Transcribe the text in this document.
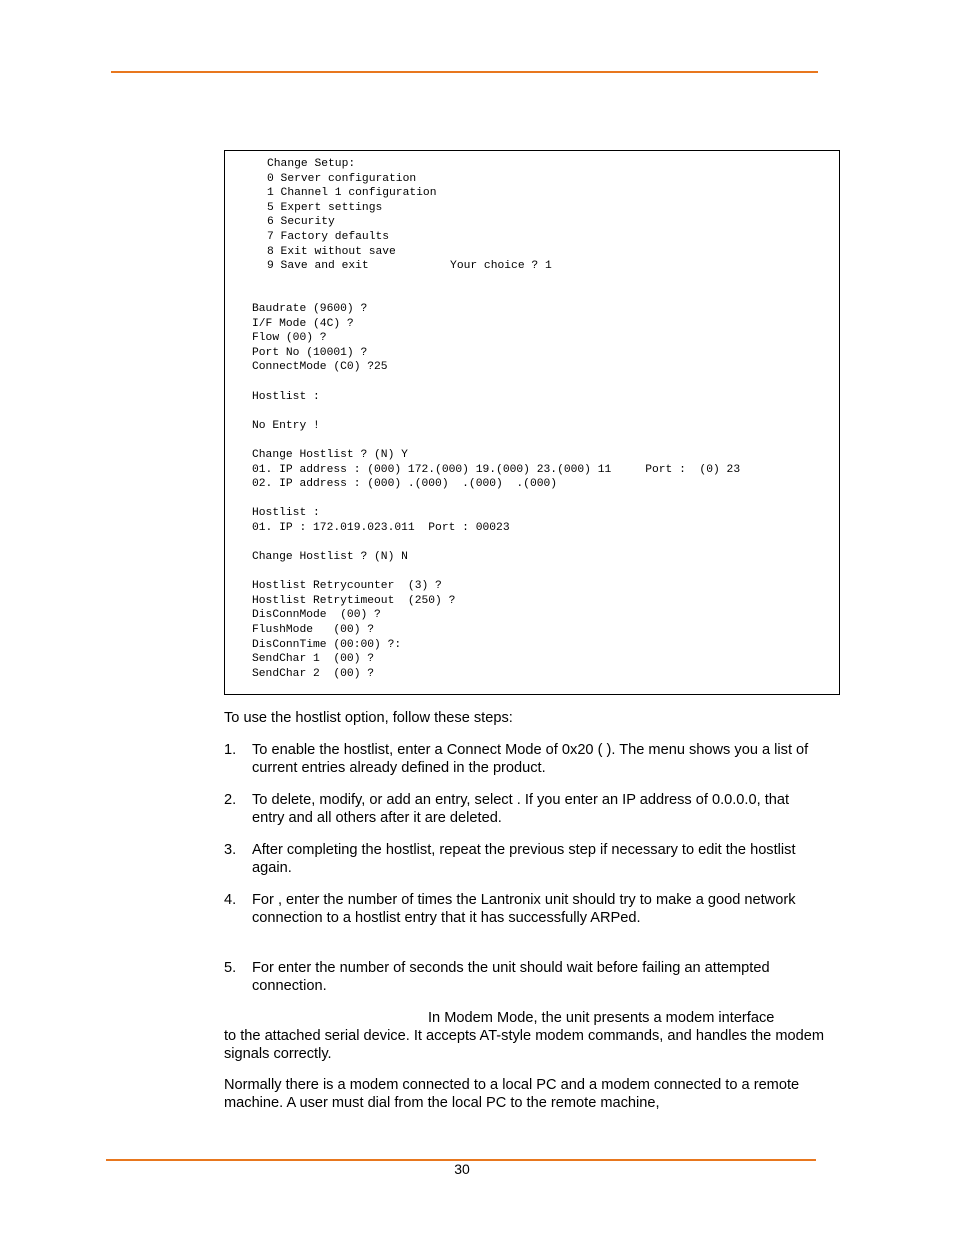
Change Setup:
0 Server configuration
1 Channel 1 configuration
5 Expert settings
6 Security
7 Factory defaults
8 Exit without save
9 Save and exit            Your choice ? 1
Baudrate (9600) ?
I/F Mode (4C) ?
Flow (00) ?
Port No (10001) ?
ConnectMode (C0) ?25

Hostlist :

No Entry !

Change Hostlist ? (N) Y
01. IP address : (000) 172.(000) 19.(000) 23.(000) 11     Port :  (0) 23
02. IP address : (000) .(000)  .(000)  .(000)

Hostlist :
01. IP : 172.019.023.011  Port : 00023

Change Hostlist ? (N) N

Hostlist Retrycounter  (3) ?
Hostlist Retrytimeout  (250) ?
DisConnMode  (00) ?
FlushMode   (00) ?
DisConnTime (00:00) ?:
SendChar 1  (00) ?
SendChar 2  (00) ?
To use the hostlist option, follow these steps:
1. To enable the hostlist, enter a Connect Mode of 0x20 ( ). The menu shows you a list of current entries already defined in the product.
2. To delete, modify, or add an entry, select . If you enter an IP address of 0.0.0.0, that entry and all others after it are deleted.
3. After completing the hostlist, repeat the previous step if necessary to edit the hostlist again.
4. For , enter the number of times the Lantronix unit should try to make a good network connection to a hostlist entry that it has successfully ARPed.
5. For enter the number of seconds the unit should wait before failing an attempted connection.
In Modem Mode, the unit presents a modem interface
to the attached serial device. It accepts AT-style modem commands, and handles the modem signals correctly.
Normally there is a modem connected to a local PC and a modem connected to a remote machine. A user must dial from the local PC to the remote machine,
30
